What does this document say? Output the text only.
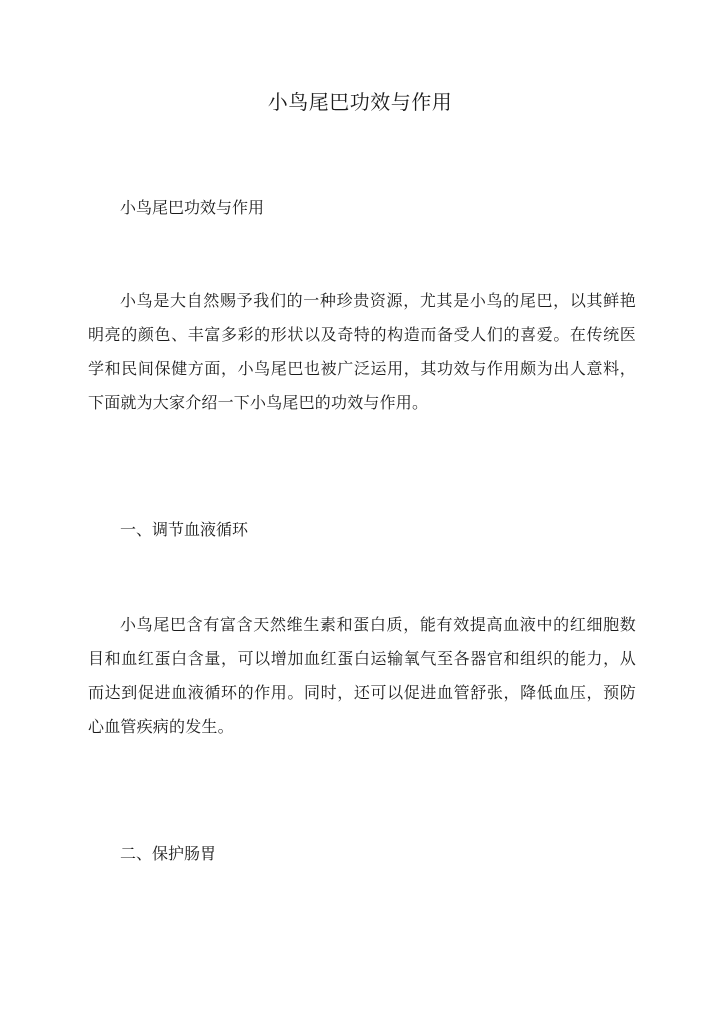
小鸟尾巴功效与作用

小鸟尾巴功效与作用

小鸟是大自然赐予我们的一种珍贵资源，尤其是小鸟的尾巴，以其鲜艳明亮的颜色、丰富多彩的形状以及奇特的构造而备受人们的喜爱。在传统医学和民间保健方面，小鸟尾巴也被广泛运用，其功效与作用颇为出人意料，下面就为大家介绍一下小鸟尾巴的功效与作用。

一、调节血液循环

小鸟尾巴含有富含天然维生素和蛋白质，能有效提高血液中的红细胞数目和血红蛋白含量，可以增加血红蛋白运输氧气至各器官和组织的能力，从而达到促进血液循环的作用。同时，还可以促进血管舒张，降低血压，预防心血管疾病的发生。

二、保护肠胃
